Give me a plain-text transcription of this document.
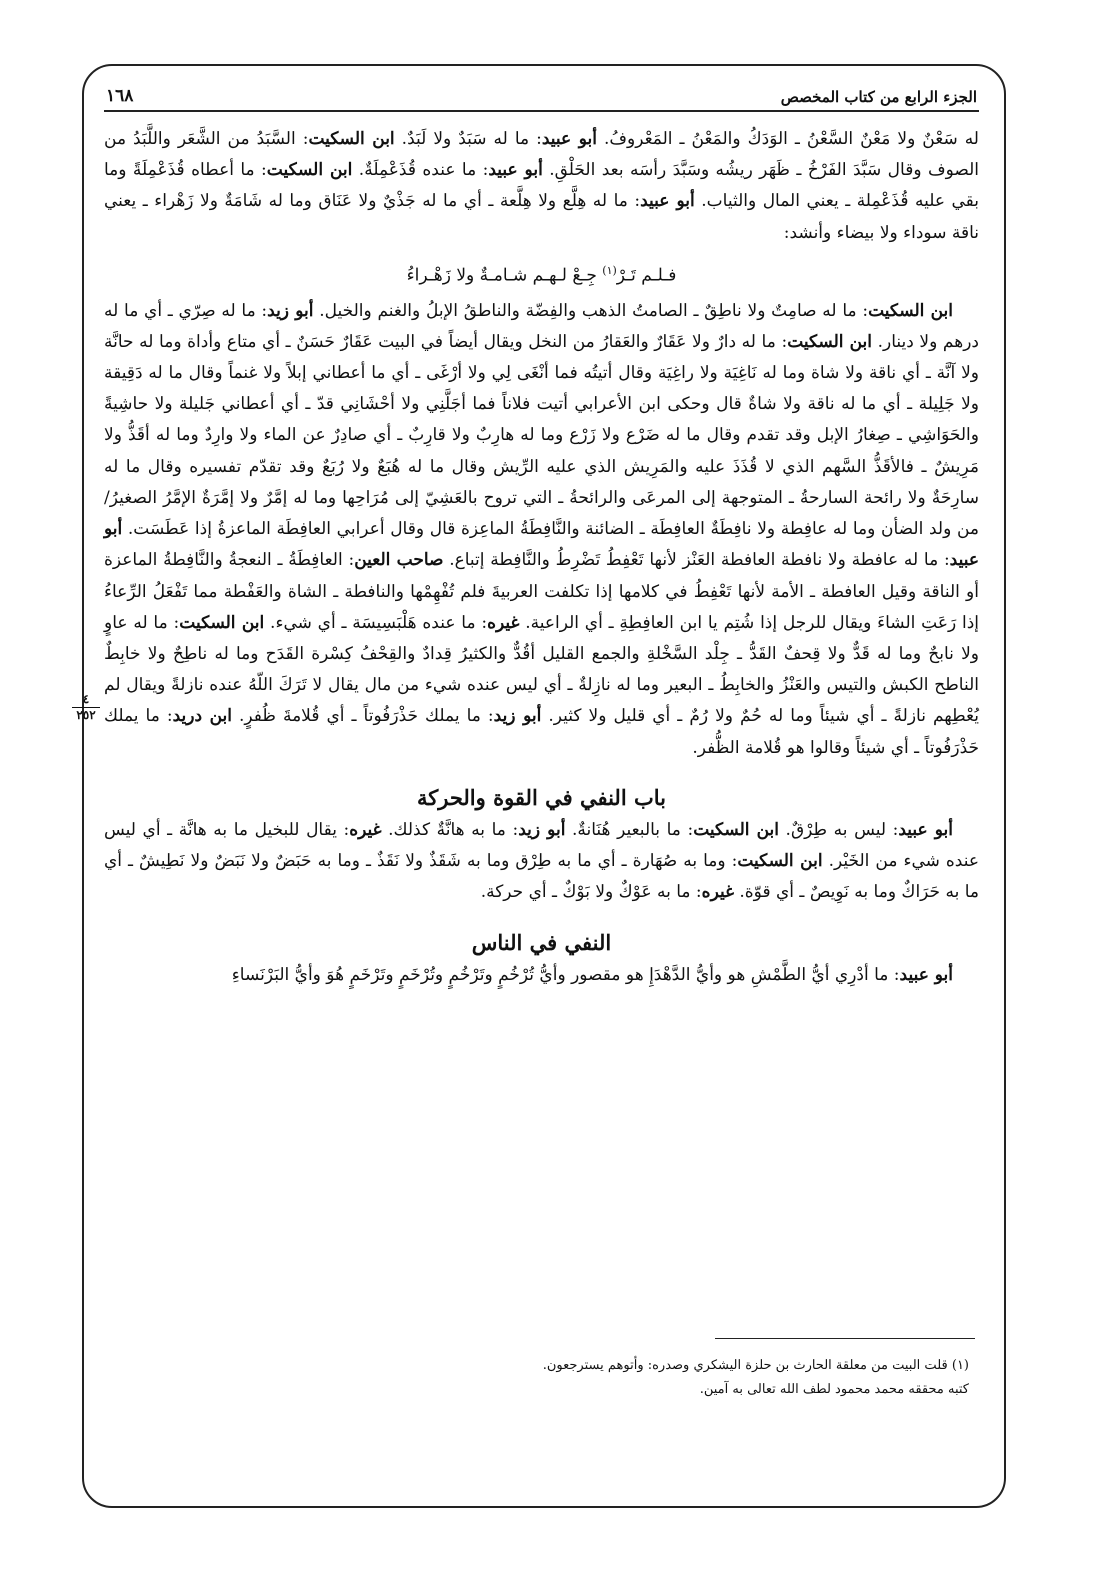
الجزء الرابع من كتاب المخصص
١٦٨
٤
٢٥٢

له سَعْنٌ ولا مَعْنٌ السَّعْنُ ـ الوَدَكُ والمَعْنُ ـ المَعْروفُ. أبو عبيد: ما له سَبَدٌ ولا لَبَدٌ. ابن السكيت: السَّبَدُ من الشَّعَر واللَّبَدُ من الصوف وقال سَبَّدَ الفَرْخُ ـ ظَهَر ريشُه وسَبَّدَ رأسَه بعد الحَلْقِ. أبو عبيد: ما عنده قُذَعْمِلَةٌ. ابن السكيت: ما أعطاه قُذَعْمِلَةً وما بقي عليه قُذَعْمِلة ـ يعني المال والثياب. أبو عبيد: ما له هِلَّع ولا هِلَّعة ـ أي ما له جَذْيٌ ولا عَنَاق وما له شَامَةٌ ولا زَهْراء ـ يعني ناقة سوداء ولا بيضاء وأنشد:

فـلـم تَـرْ$^{(١)}$ جِـعْ لـهـم شـامـةٌ ولا زَهْـراءُ

ابن السكيت: ما له صامِتٌ ولا ناطِقٌ ـ الصامتُ الذهب والفِضّة والناطقُ الإبلُ والغنم والخيل. أبو زيد: ما له صِرّي ـ أي ما له درهم ولا دينار. ابن السكيت: ما له دارٌ ولا عَقَارٌ والعَقارُ من النخل ويقال أيضاً في البيت عَقَارٌ حَسَنٌ ـ أي متاع وأداة وما له حانَّة ولا آنَّة ـ أي ناقة ولا شاة وما له نَاغِيَة ولا راغِيَة وقال أتيتُه فما أنْغَى لِي ولا أرْغَى ـ أي ما أعطاني إبلاً ولا غنماً وقال ما له دَقِيقة ولا جَلِيلة ـ أي ما له ناقة ولا شاةٌ قال وحكى ابن الأعرابي أتيت فلاناً فما أجَلَّنِي ولا أحْشَانِي قدّ ـ أي أعطاني جَليلة ولا حاشِيةً والحَوَاشِي ـ صِغارُ الإبل وقد تقدم وقال ما له ضَرْع ولا زَرْع وما له هارِبٌ ولا قارِبٌ ـ أي صادِرٌ عن الماء ولا وارِدٌ وما له أقَذُّ ولا مَرِيشٌ ـ فالأقَذُّ السَّهم الذي لا قُذَذَ عليه والمَرِيش الذي عليه الرِّيش وقال ما له هُبَعٌ ولا رُبَعٌ وقد تقدّم تفسيره وقال ما له سارِحَةٌ ولا رائحة السارحةُ ـ المتوجهة إلى المرعَى والرائحةُ ـ التي تروح بالعَشِيّ إلى مُرَاحِها وما له إمَّرٌ ولا إمَّرَةٌ الإمَّرُ الصغيرُ/ من ولد الضأن وما له عافِطة ولا نافِطَةٌ العافِطَة ـ الضائنة والنَّافِطَةُ الماعِزة قال وقال أعرابي العافِطَة الماعزةُ إذا عَطَسَت. أبو عبيد: ما له عافطة ولا نافطة العافطة العَنْز لأنها تَعْفِطُ تَضْرِطُ والنَّافِطة إتباع. صاحب العين: العافِطَةُ ـ النعجةُ والنَّافِطةُ الماعزة أو الناقة وقيل العافطة ـ الأمة لأنها تَعْفِطُ في كلامها إذا تكلفت العربيةَ فلم تُفْهِمْها والنافطة ـ الشاة والعَفْطة مما تَفْعَلُ الرِّعاءُ إذا رَعَتِ الشاءَ ويقال للرجل إذا شُتِم يا ابن العافِطِةِ ـ أي الراعية. غيره: ما عنده هَلْبَسِيسَة ـ أي شيء. ابن السكيت: ما له عاوٍ ولا نابحٌ وما له قَدٌّ ولا قِحفٌ القَدُّ ـ جِلْد السَّخْلةِ والجمع القليل أقُدٌّ والكثيرُ قِدادٌ والقِحْفُ كِسْرة القَدَح وما له ناطِحٌ ولا خابِطٌ الناطح الكبش والتيس والعَنْزُ والخابِطُ ـ البعير وما له نازِلةٌ ـ أي ليس عنده شيء من مال يقال لا تَرَكَ اللّهُ عنده نازلةً ويقال لم يُعْطِهم نازلةً ـ أي شيئاً وما له حُمٌ ولا رُمٌ ـ أي قليل ولا كثير. أبو زيد: ما يملك حَذْرَفُوتاً ـ أي قُلامةَ ظُفرٍ. ابن دريد: ما يملك حَذْرَفُوتاً ـ أي شيئاً وقالوا هو قُلامة الظُّفر.

باب النفي في القوة والحركة

أبو عبيد: ليس به طِرْقٌ. ابن السكيت: ما بالبعير هُنَانةٌ. أبو زيد: ما به هانَّةٌ كذلك. غيره: يقال للبخيل ما به هانَّة ـ أي ليس عنده شيء من الخَيْر. ابن السكيت: وما به صُهَارة ـ أي ما به طِرْق وما به شَقَذٌ ولا نَقَذٌ ـ وما به حَبَضٌ ولا نَبَضٌ ولا نَطِيشٌ ـ أي ما به حَرَاكٌ وما به نَوِيصٌ ـ أي قوّة. غيره: ما به عَوْكٌ ولا بَوْكٌ ـ أي حركة.

النفي في الناس

أبو عبيد: ما أدْرِي أيُّ الطَّمْشِ هو وأيُّ الدَّهْدَإِ هو مقصور وأيُّ تُرْخُمٍ وتَرْخُمٍ وتُرْخَمٍ وتَرْخَمٍ هُوَ وأيُّ البَرْنَساءِ

(١) قلت البيت من معلقة الحارث بن حلزة اليشكري وصدره: وأتوهم يسترجعون.
كتبه محققه محمد محمود لطف الله تعالى به آمين.
